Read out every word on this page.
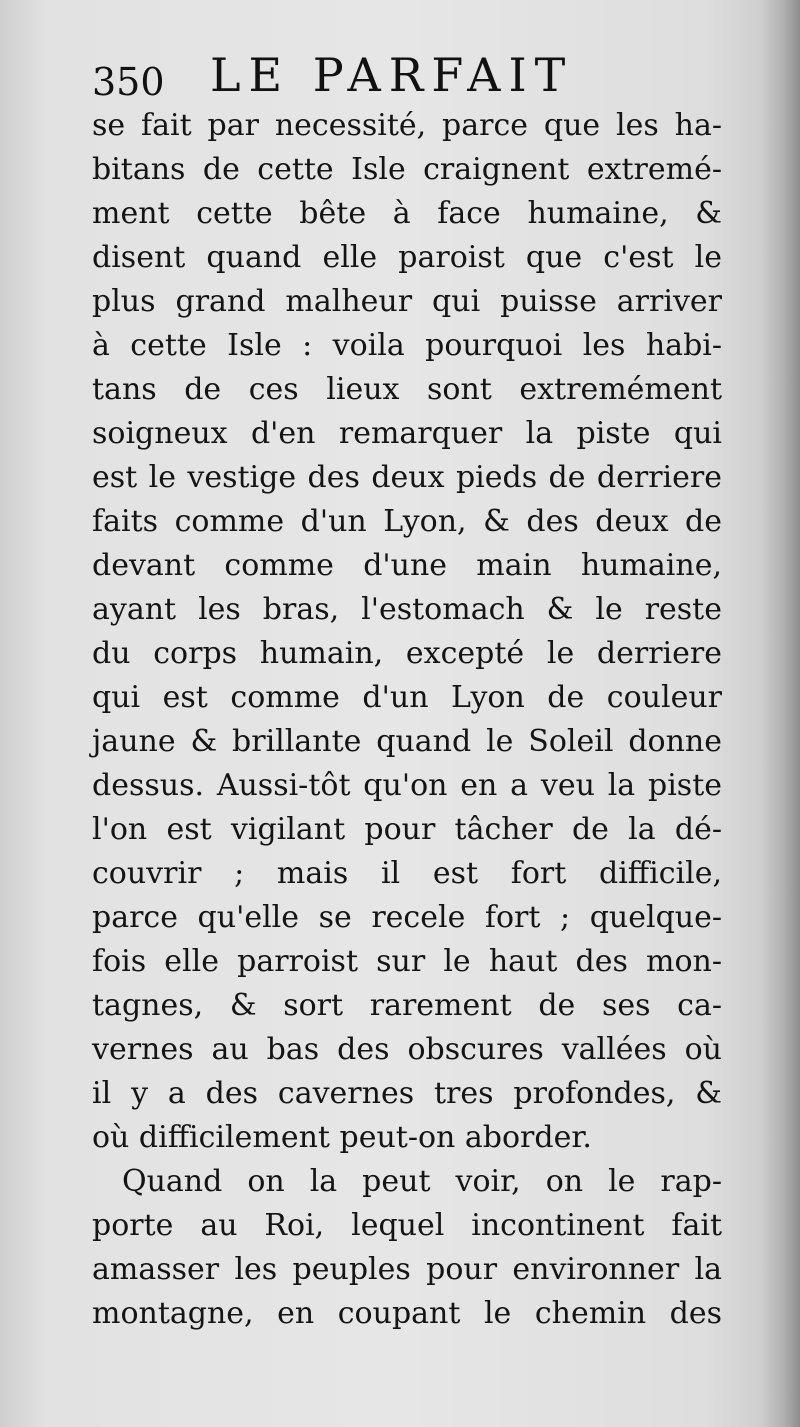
350 LE PARFAIT
se fait par necessité, parce que les ha-
bitans de cette Isle craignent extremé-
ment cette bête à face humaine, &
disent quand elle paroist que c'est le
plus grand malheur qui puisse arriver
à cette Isle : voila pourquoi les habi-
tans de ces lieux sont extremément
soigneux d'en remarquer la piste qui
est le vestige des deux pieds de derriere
faits comme d'un Lyon, & des deux de
devant comme d'une main humaine,
ayant les bras, l'estomach & le reste
du corps humain, excepté le derriere
qui est comme d'un Lyon de couleur
jaune & brillante quand le Soleil donne
dessus. Aussi-tôt qu'on en a veu la piste
l'on est vigilant pour tâcher de la dé-
couvrir ; mais il est fort difficile,
parce qu'elle se recele fort ; quelque-
fois elle parroist sur le haut des mon-
tagnes, & sort rarement de ses ca-
vernes au bas des obscures vallées où
il y a des cavernes tres profondes, &
où difficilement peut-on aborder.
Quand on la peut voir, on le rap-
porte au Roi, lequel incontinent fait
amasser les peuples pour environner la
montagne, en coupant le chemin des
